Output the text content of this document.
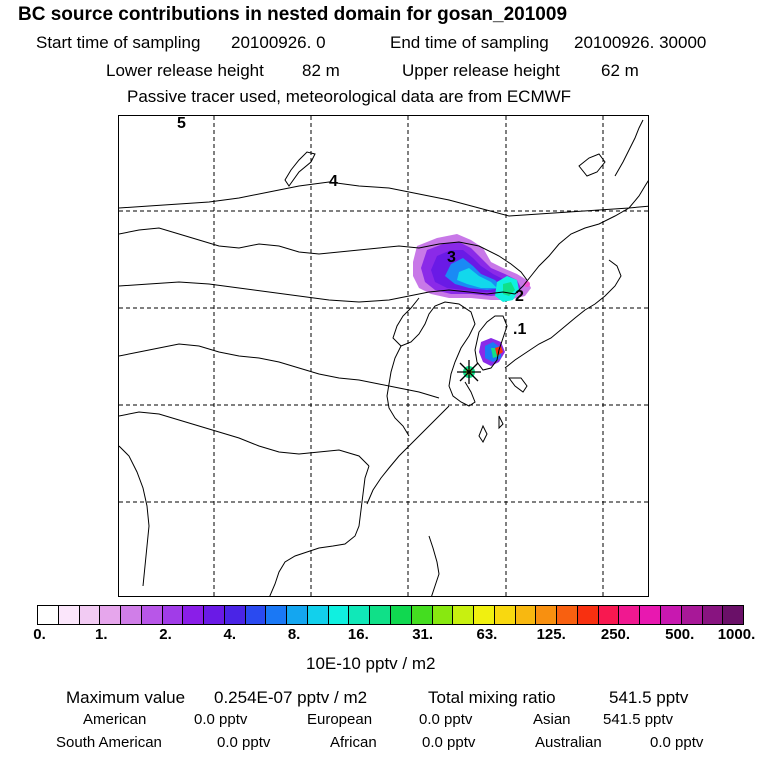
BC source contributions in nested domain for gosan_201009
Start time of sampling 20100926. 0	End time of sampling 20100926. 30000
Lower release height 82 m	Upper release height 62 m
Passive tracer used, meteorological data are from ECMWF
5
4
3
2
.1
0.	1.	2.	4.	8.	16.	31.	63.	125. 250. 500. 1000.
10E-10 pptv / m2
Maximum value 0.254E-07 pptv / m2	Total mixing ratio	541.5 pptv
American	0.0 pptv	European	0.0 pptv	Asian 541.5 pptv
South American	0.0 pptv	African	0.0 pptv	Australian	0.0 pptv
